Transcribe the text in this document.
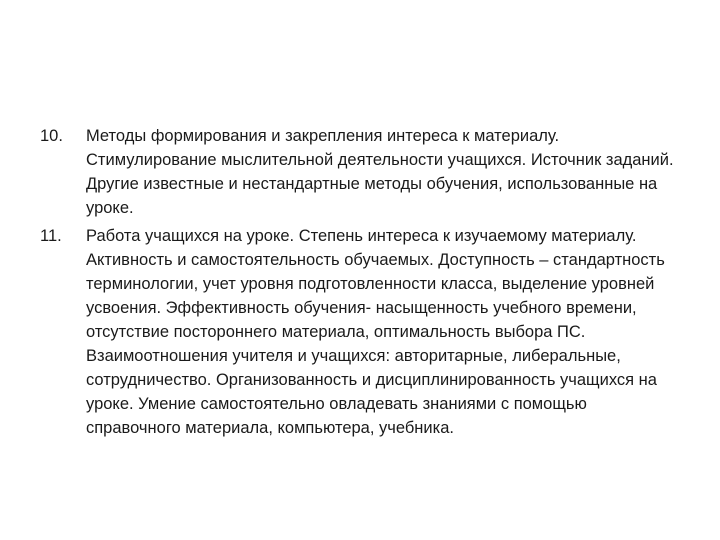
10.	Методы формирования и закрепления интереса к материалу. Стимулирование мыслительной деятельности учащихся. Источник заданий. Другие известные и нестандартные методы обучения, использованные на уроке.
11.	Работа учащихся на уроке. Степень интереса к изучаемому материалу. Активность и самостоятельность обучаемых. Доступность – стандартность терминологии, учет уровня подготовленности класса, выделение уровней усвоения. Эффективность обучения- насыщенность учебного времени, отсутствие постороннего материала, оптимальность выбора ПС. Взаимоотношения учителя и учащихся: авторитарные, либеральные, сотрудничество. Организованность и дисциплинированность учащихся на уроке. Умение самостоятельно овладевать знаниями с помощью справочного материала, компьютера, учебника.
